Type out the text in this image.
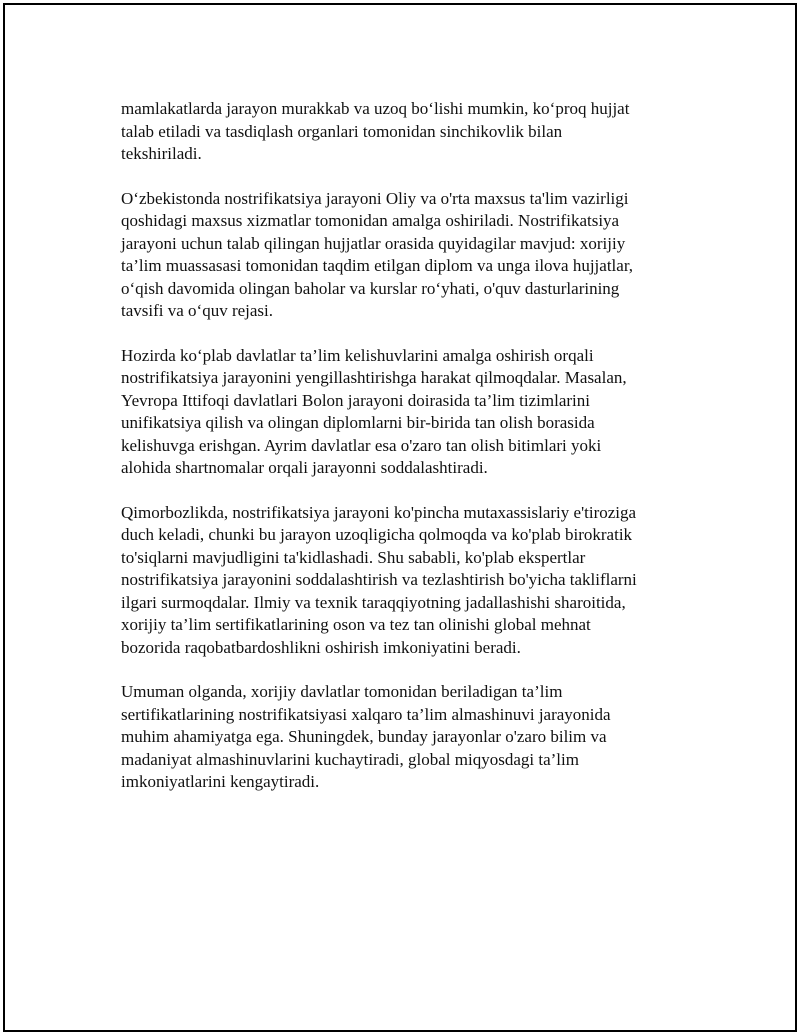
mamlakatlarda jarayon murakkab va uzoq bo‘lishi mumkin, ko‘proq hujjat
talab etiladi va tasdiqlash organlari tomonidan sinchikovlik bilan
tekshiriladi.

O‘zbekistonda nostrifikatsiya jarayoni Oliy va o'rta maxsus ta'lim vazirligi
qoshidagi maxsus xizmatlar tomonidan amalga oshiriladi. Nostrifikatsiya
jarayoni uchun talab qilingan hujjatlar orasida quyidagilar mavjud: xorijiy
ta’lim muassasasi tomonidan taqdim etilgan diplom va unga ilova hujjatlar,
o‘qish davomida olingan baholar va kurslar ro‘yhati, o'quv dasturlarining
tavsifi va o‘quv rejasi.

Hozirda ko‘plab davlatlar ta’lim kelishuvlarini amalga oshirish orqali
nostrifikatsiya jarayonini yengillashtirishga harakat qilmoqdalar. Masalan,
Yevropa Ittifoqi davlatlari Bolon jarayoni doirasida ta’lim tizimlarini
unifikatsiya qilish va olingan diplomlarni bir-birida tan olish borasida
kelishuvga erishgan. Ayrim davlatlar esa o'zaro tan olish bitimlari yoki
alohida shartnomalar orqali jarayonni soddalashtiradi.

Qimorbozlikda, nostrifikatsiya jarayoni ko'pincha mutaxassislariy e'tiroziga
duch keladi, chunki bu jarayon uzoqligicha qolmoqda va ko'plab birokratik
to'siqlarni mavjudligini ta'kidlashadi. Shu sababli, ko'plab ekspertlar
nostrifikatsiya jarayonini soddalashtirish va tezlashtirish bo'yicha takliflarni
ilgari surmoqdalar. Ilmiy va texnik taraqqiyotning jadallashishi sharoitida,
xorijiy ta’lim sertifikatlarining oson va tez tan olinishi global mehnat
bozorida raqobatbardoshlikni oshirish imkoniyatini beradi.

Umuman olganda, xorijiy davlatlar tomonidan beriladigan ta’lim
sertifikatlarining nostrifikatsiyasi xalqaro ta’lim almashinuvi jarayonida
muhim ahamiyatga ega. Shuningdek, bunday jarayonlar o'zaro bilim va
madaniyat almashinuvlarini kuchaytiradi, global miqyosdagi ta’lim
imkoniyatlarini kengaytiradi.
